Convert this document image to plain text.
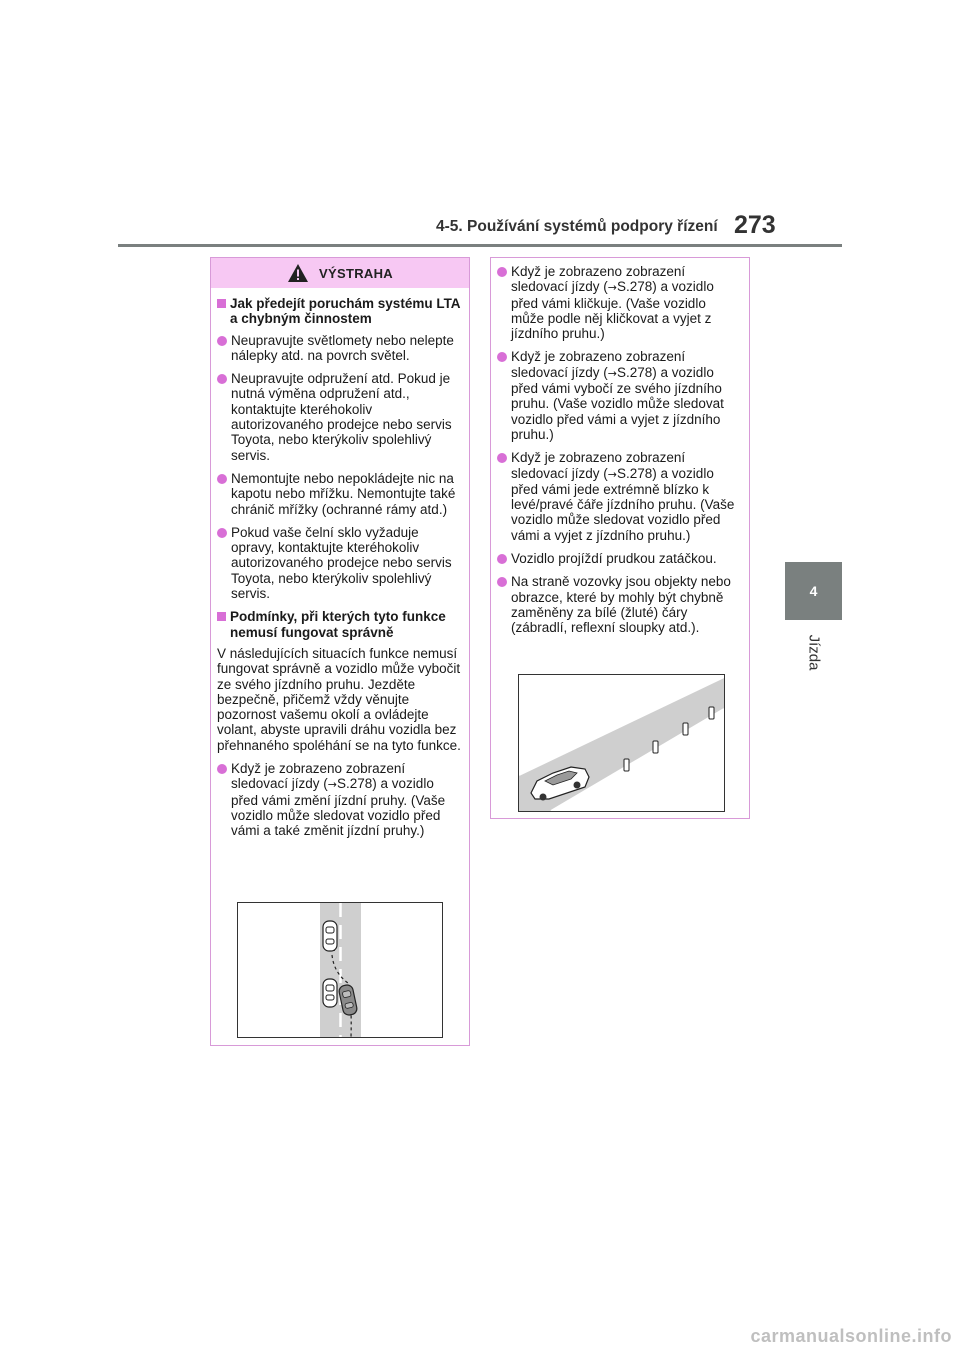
4-5. Používání systémů podpory řízení 273
4
Jízda
VÝSTRAHA
Jak předejít poruchám systému LTA a chybným činnostem
Neupravujte světlomety nebo nelepte nálepky atd. na povrch světel.
Neupravujte odpružení atd. Pokud je nutná výměna odpružení atd., kontaktujte kteréhokoliv autorizovaného prodejce nebo servis Toyota, nebo kterýkoliv spolehlivý servis.
Nemontujte nebo nepokládejte nic na kapotu nebo mřížku. Nemontujte také chránič mřížky (ochranné rámy atd.)
Pokud vaše čelní sklo vyžaduje opravy, kontaktujte kteréhokoliv autorizovaného prodejce nebo servis Toyota, nebo kterýkoliv spolehlivý servis.
Podmínky, při kterých tyto funkce nemusí fungovat správně
V následujících situacích funkce nemusí fungovat správně a vozidlo může vybočit ze svého jízdního pruhu. Jezděte bezpečně, přičemž vždy věnujte pozornost vašemu okolí a ovládejte volant, abyste upravili dráhu vozidla bez přehnaného spoléhání se na tyto funkce.
Když je zobrazeno zobrazení sledovací jízdy (→S.278) a vozidlo před vámi změní jízdní pruhy. (Vaše vozidlo může sledovat vozidlo před vámi a také změnit jízdní pruhy.)
Když je zobrazeno zobrazení sledovací jízdy (→S.278) a vozidlo před vámi kličkuje. (Vaše vozidlo může podle něj kličkovat a vyjet z jízdního pruhu.)
Když je zobrazeno zobrazení sledovací jízdy (→S.278) a vozidlo před vámi vybočí ze svého jízdního pruhu. (Vaše vozidlo může sledovat vozidlo před vámi a vyjet z jízdního pruhu.)
Když je zobrazeno zobrazení sledovací jízdy (→S.278) a vozidlo před vámi jede extrémně blízko k levé/pravé čáře jízdního pruhu. (Vaše vozidlo může sledovat vozidlo před vámi a vyjet z jízdního pruhu.)
Vozidlo projíždí prudkou zatáčkou.
Na straně vozovky jsou objekty nebo obrazce, které by mohly být chybně zaměněny za bílé (žluté) čáry (zábradlí, reflexní sloupky atd.).
carmanualsonline.info
